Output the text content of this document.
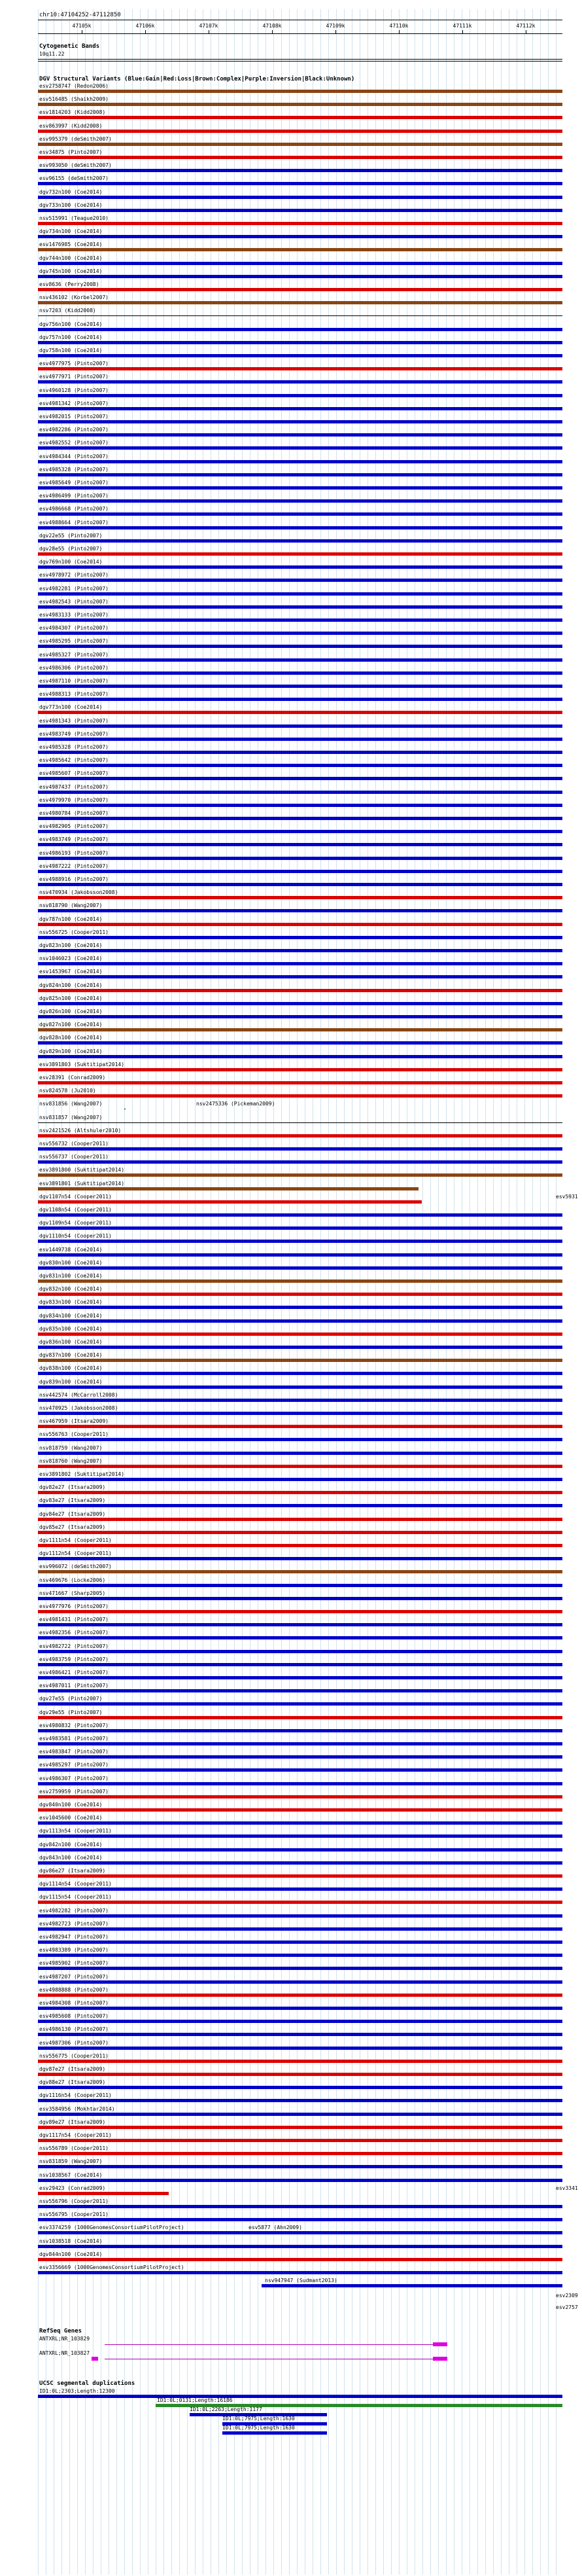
chr10:47104252-47112850
47105k	47106k	47107k	47108k	47109k	47110k	47111k	47112k
Cytogenetic Bands
10q11.22
DGV Structural Variants (Blue:Gain|Red:Loss|Brown:Complex|Purple:Inversion|Black:Unknown)
esv2758747 (Redon2006)
esv516485 (Shaikh2009)
esv1814203 (Kidd2008)
esv863997 (Kidd2008)
esv995379 (deSmith2007)
esv34875 (Pinto2007)
esv993050 (deSmith2007)
esv96155 (deSmith2007)
dgv732n100 (Coe2014)
dgv733n100 (Coe2014)
nsv515991 (Teague2010)
dgv734n100 (Coe2014)
esv1476985 (Coe2014)
dgv744n100 (Coe2014)
dgv745n100 (Coe2014)
esv8636 (Perry2008)
nsv436102 (Korbel2007)
nsv7203 (Kidd2008)
dgv756n100 (Coe2014)
dgv757n100 (Coe2014)
dgv758n100 (Coe2014)
esv4977975 (Pinto2007)
esv4977971 (Pinto2007)
esv4960128 (Pinto2007)
esv4981342 (Pinto2007)
esv4982015 (Pinto2007)
esv4982286 (Pinto2007)
esv4982552 (Pinto2007)
esv4984344 (Pinto2007)
esv4985328 (Pinto2007)
esv4985649 (Pinto2007)
esv4986499 (Pinto2007)
esv4986668 (Pinto2007)
esv4988664 (Pinto2007)
dgv22e55 (Pinto2007)
dgv28e55 (Pinto2007)
dgv769n100 (Coe2014)
esv4978972 (Pinto2007)
esv4982281 (Pinto2007)
esv4982543 (Pinto2007)
esv4983133 (Pinto2007)
esv4984307 (Pinto2007)
esv4985295 (Pinto2007)
esv4985327 (Pinto2007)
esv4986306 (Pinto2007)
esv4987110 (Pinto2007)
esv4988313 (Pinto2007)
dgv773n100 (Coe2014)
esv4981343 (Pinto2007)
esv4983749 (Pinto2007)
esv4985328 (Pinto2007)
esv4985642 (Pinto2007)
esv4985607 (Pinto2007)
esv4987437 (Pinto2007)
esv4979970 (Pinto2007)
esv4980784 (Pinto2007)
esv4982905 (Pinto2007)
esv4983749 (Pinto2007)
esv4986193 (Pinto2007)
esv4987222 (Pinto2007)
esv4988916 (Pinto2007)
nsv470934 (Jakobsson2008)
nsv818790 (Wang2007)
dgv787n100 (Coe2014)
nsv556725 (Cooper2011)
dgv823n100 (Coe2014)
nsv1046023 (Coe2014)
esv1453967 (Coe2014)
dgv824n100 (Coe2014)
dgv825n100 (Coe2014)
dgv826n100 (Coe2014)
dgv827n100 (Coe2014)
dgv828n100 (Coe2014)
dgv829n100 (Coe2014)
esv3891803 (Suktitipat2014)
esv28391 (Conrad2009)
nsv824578 (Ju2010)
nsv831856 (Wang2007)
nsv831857 (Wang2007)
nsv2421526 (Altshuler2010)
nsv556732 (Cooper2011)
nsv556737 (Cooper2011)
esv3891800 (Suktitipat2014)
esv3891801 (Suktitipat2014)
dgv1107n54 (Cooper2011)
dgv1108n54 (Cooper2011)
dgv1109n54 (Cooper2011)
dgv1110n54 (Cooper2011)
esv1449738 (Coe2014)
dgv830n100 (Coe2014)
dgv831n100 (Coe2014)
dgv832n100 (Coe2014)
dgv833n100 (Coe2014)
dgv834n100 (Coe2014)
dgv835n100 (Coe2014)
dgv836n100 (Coe2014)
dgv837n100 (Coe2014)
dgv838n100 (Coe2014)
dgv839n100 (Coe2014)
nsv442574 (McCarroll2008)
nsv470925 (Jakobsson2008)
nsv467959 (Itsara2009)
nsv556763 (Cooper2011)
nsv818759 (Wang2007)
nsv818760 (Wang2007)
esv3891802 (Suktitipat2014)
dgv82e27 (Itsara2009)
dgv83e27 (Itsara2009)
dgv84e27 (Itsara2009)
dgv85e27 (Itsara2009)
dgv1111n54 (Cooper2011)
dgv1112n54 (Cooper2011)
esv996072 (deSmith2007)
nsv469676 (Locke2006)
nsv471667 (Sharp2005)
esv4977976 (Pinto2007)
esv4981431 (Pinto2007)
esv4982356 (Pinto2007)
esv4982722 (Pinto2007)
esv4983759 (Pinto2007)
esv4986421 (Pinto2007)
esv4987011 (Pinto2007)
dgv27e55 (Pinto2007)
dgv29e55 (Pinto2007)
esv4980832 (Pinto2007)
esv4983581 (Pinto2007)
esv4983847 (Pinto2007)
esv4985297 (Pinto2007)
esv4986307 (Pinto2007)
esv2759959 (Pinto2007)
dgv840n100 (Coe2014)
esv1045600 (Coe2014)
dgv1113n54 (Cooper2011)
dgv842n100 (Coe2014)
dgv843n100 (Coe2014)
dgv86e27 (Itsara2009)
dgv1114n54 (Cooper2011)
dgv1115n54 (Cooper2011)
esv4982282 (Pinto2007)
esv4982723 (Pinto2007)
esv4982947 (Pinto2007)
esv4983389 (Pinto2007)
esv4985902 (Pinto2007)
esv4987207 (Pinto2007)
esv4988888 (Pinto2007)
esv4984308 (Pinto2007)
esv4985608 (Pinto2007)
esv4986130 (Pinto2007)
esv4987306 (Pinto2007)
nsv556775 (Cooper2011)
dgv87e27 (Itsara2009)
dgv88e27 (Itsara2009)
dgv1116n54 (Cooper2011)
esv3584956 (Mokhtar2014)
dgv89e27 (Itsara2009)
dgv1117n54 (Cooper2011)
nsv556789 (Cooper2011)
nsv831859 (Wang2007)
nsv1038567 (Coe2014)
nsv2475336 (Pickeman2009)
esv5931
esv29423 (Conrad2009)
nsv556796 (Cooper2011)
nsv556795 (Cooper2011)
esv3374259 (1000GenomesConsortiumPilotProject)
nsv1038518 (Coe2014)
dgv844n100 (Coe2014)
esv3356669 (1000GenomesConsortiumPilotProject)
esv3341
esv5877 (Ahn2009)
nsv947947 (Sudmant2013)
esv2309
esv2757
RefSeq Genes
ANTXRL;NR_103829
ANTXRL;NR_103827
UCSC segmental duplications
ID1:0L;2303;Length:12300
ID1:0L;0131;Length:16186
ID1:0L;2263;Length:1177
ID1:0L;7975;Length:1630
ID1:0L;7975;Length:1630
